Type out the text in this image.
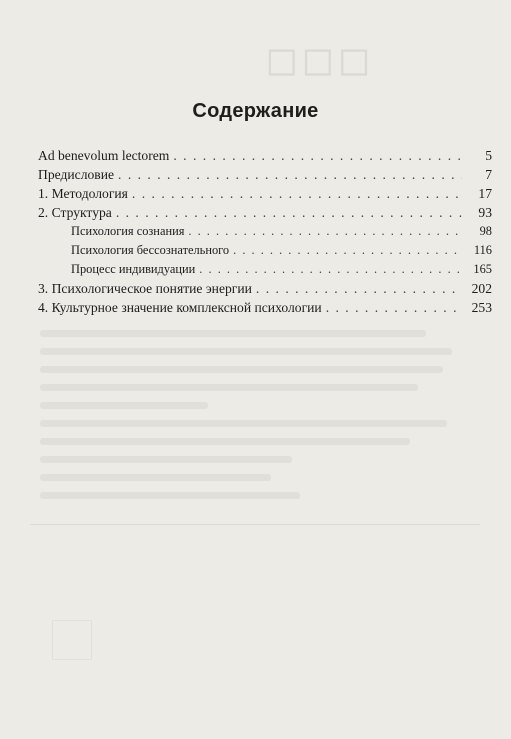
◻◻◻
Содержание
Ad benevolum lectorem . . .	5
Предисловие . . .	7
1. Методология . . .	17
2. Структура . . .	93
Психология сознания . . .	98
Психология бессознательного . . .	116
Процесс индивидуации . . .	165
3. Психологическое понятие энергии . . .	202
4. Культурное значение комплексной психологии . . .	253
